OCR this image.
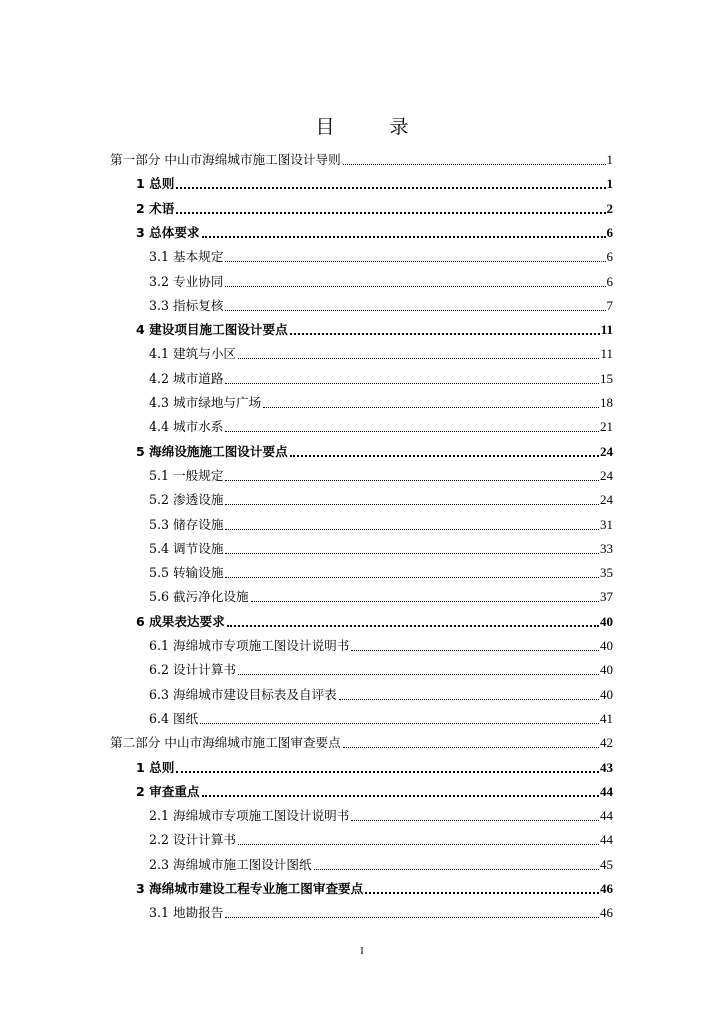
目　录
第一部分 中山市海绵城市施工图设计导则	1
1 总则	1
2 术语	2
3 总体要求	6
3.1 基本规定	6
3.2 专业协同	6
3.3 指标复核	7
4 建设项目施工图设计要点	11
4.1 建筑与小区	11
4.2 城市道路	15
4.3 城市绿地与广场	18
4.4 城市水系	21
5 海绵设施施工图设计要点	24
5.1 一般规定	24
5.2 渗透设施	24
5.3 储存设施	31
5.4 调节设施	33
5.5 转输设施	35
5.6 截污净化设施	37
6 成果表达要求	40
6.1 海绵城市专项施工图设计说明书	40
6.2 设计计算书	40
6.3 海绵城市建设目标表及自评表	40
6.4 图纸	41
第二部分 中山市海绵城市施工图审查要点	42
1 总则	43
2 审查重点	44
2.1 海绵城市专项施工图设计说明书	44
2.2 设计计算书	44
2.3 海绵城市施工图设计图纸	45
3 海绵城市建设工程专业施工图审查要点	46
3.1 地勘报告	46
I
